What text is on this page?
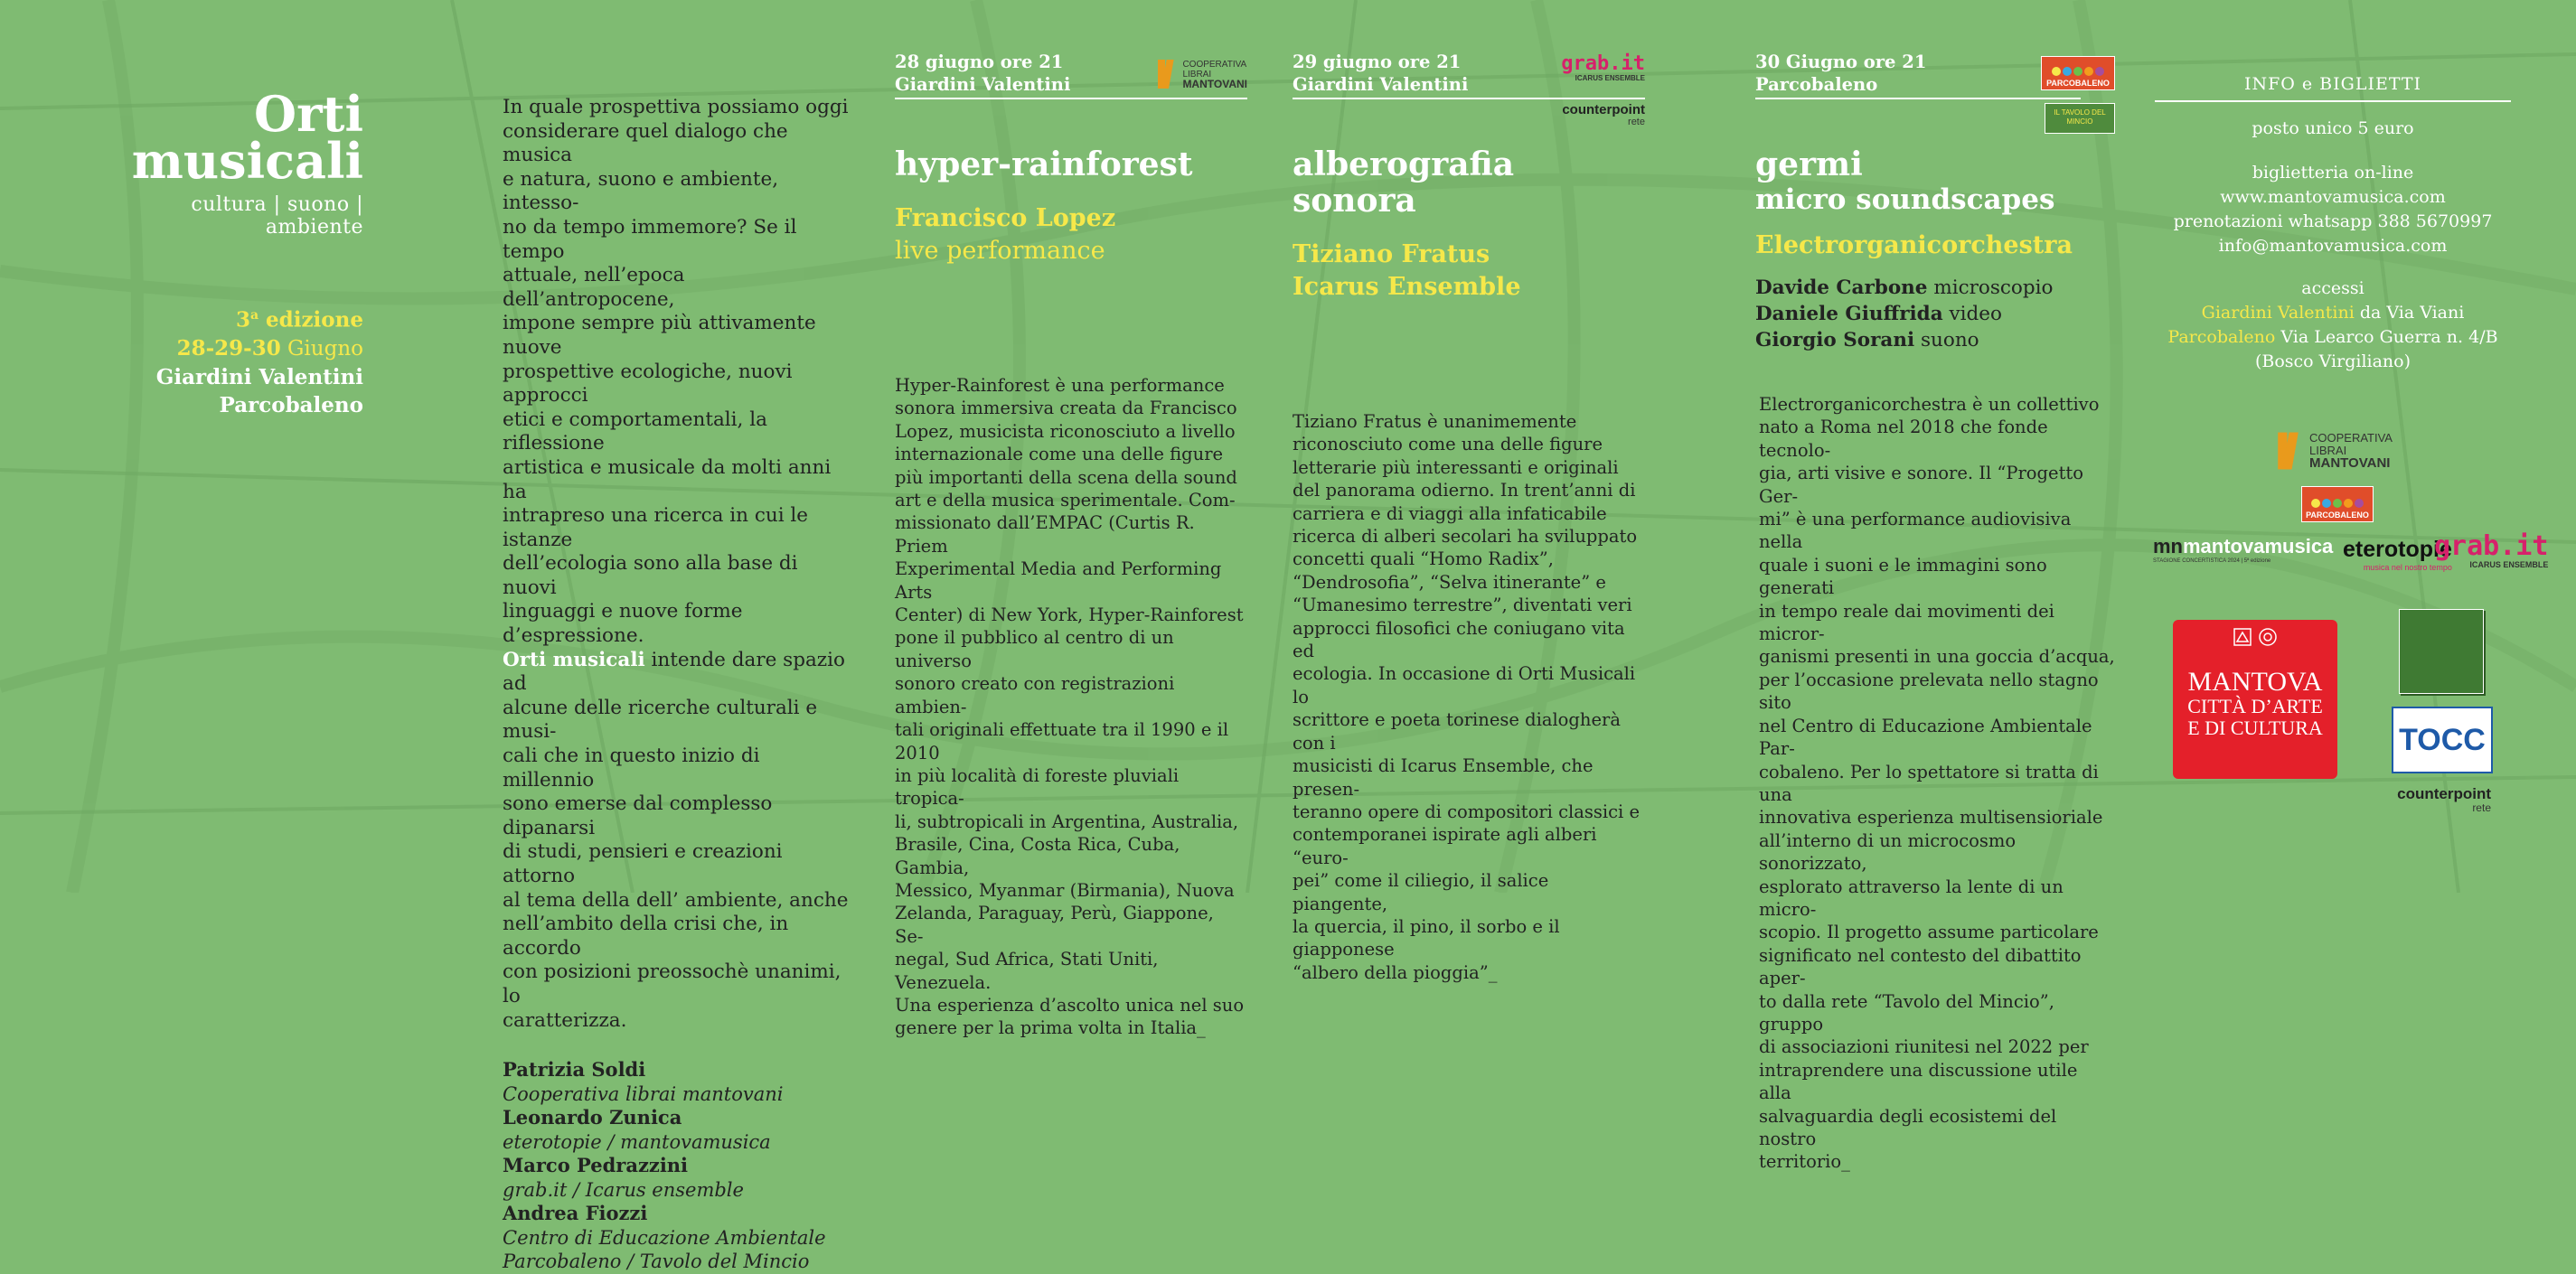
Orti
musicali
cultura | suono | ambiente
3$^a$ edizione
28-29-30 Giugno
Giardini Valentini
Parcobaleno
In quale prospettiva possiamo oggi
considerare quel dialogo che musica
e natura, suono e ambiente, intesso-
no da tempo immemore? Se il tempo
attuale, nell’epoca dell’antropocene,
impone sempre più attivamente nuove
prospettive ecologiche, nuovi approcci
etici e comportamentali, la riflessione
artistica e musicale da molti anni ha
intrapreso una ricerca in cui le istanze
dell’ecologia sono alla base di nuovi
linguaggi e nuove forme d’espressione.
Orti musicali intende dare spazio ad
alcune delle ricerche culturali e musi-
cali che in questo inizio di millennio
sono emerse dal complesso dipanarsi
di studi, pensieri e creazioni attorno
al tema della dell’ ambiente, anche
nell’ambito della crisi che, in accordo
con posizioni preossochè unanimi, lo
caratterizza.
Patrizia Soldi
Cooperativa librai mantovani
Leonardo Zunica
eterotopie / mantovamusica
Marco Pedrazzini
grab.it / Icarus ensemble
Andrea Fiozzi
Centro di Educazione Ambientale
Parcobaleno / Tavolo del Mincio
28 giugno ore 21
Giardini Valentini
COOPERATIVA
LIBRAI
MANTOVANI
hyper-rainforest
Francisco Lopez
live performance
Hyper-Rainforest è una performance
sonora immersiva creata da Francisco
Lopez, musicista riconosciuto a livello
internazionale come una delle figure
più importanti della scena della sound
art e della musica sperimentale. Com-
missionato dall’EMPAC (Curtis R. Priem
Experimental Media and Performing Arts
Center) di New York, Hyper-Rainforest
pone il pubblico al centro di un universo
sonoro creato con registrazioni ambien-
tali originali effettuate tra il 1990 e il 2010
in più località di foreste pluviali tropica-
li, subtropicali in Argentina, Australia,
Brasile, Cina, Costa Rica, Cuba, Gambia,
Messico, Myanmar (Birmania), Nuova
Zelanda, Paraguay, Perù, Giappone, Se-
negal, Sud Africa, Stati Uniti, Venezuela.
Una esperienza d’ascolto unica nel suo
genere per la prima volta in Italia_
29 giugno ore 21
Giardini Valentini
grab.it
ICARUS ENSEMBLE
counterpoint
rete
alberografia sonora
Tiziano Fratus
Icarus Ensemble
Tiziano Fratus è unanimemente
riconosciuto come una delle figure
letterarie più interessanti e originali
del panorama odierno. In trent’anni di
carriera e di viaggi alla infaticabile
ricerca di alberi secolari ha sviluppato
concetti quali “Homo Radix”,
“Dendrosofia”, “Selva itinerante” e
“Umanesimo terrestre”, diventati veri
approcci filosofici che coniugano vita ed
ecologia. In occasione di Orti Musicali lo
scrittore e poeta torinese dialogherà con i
musicisti di Icarus Ensemble, che presen-
teranno opere di compositori classici e
contemporanei ispirate agli alberi “euro-
pei” come il ciliegio, il salice piangente,
la quercia, il pino, il sorbo e il giapponese
“albero della pioggia”_
30 Giugno ore 21
Parcobaleno	PARCOBALENO
IL TAVOLO DEL MINCIO
germi
micro soundscapes
Electrorganicorchestra
Davide Carbone microscopio
Daniele Giuffrida video
Giorgio Sorani suono
Electrorganicorchestra è un collettivo
nato a Roma nel 2018 che fonde tecnolo-
gia, arti visive e sonore. Il “Progetto Ger-
mi” è una performance audiovisiva nella
quale i suoni e le immagini sono generati
in tempo reale dai movimenti dei micror-
ganismi presenti in una goccia d’acqua,
per l’occasione prelevata nello stagno sito
nel Centro di Educazione Ambientale Par-
cobaleno. Per lo spettatore si tratta di una
innovativa esperienza multisensioriale
all’interno di un microcosmo sonorizzato,
esplorato attraverso la lente di un micro-
scopio. Il progetto assume particolare
significato nel contesto del dibattito aper-
to dalla rete “Tavolo del Mincio”, gruppo
di associazioni riunitesi nel 2022 per
intraprendere una discussione utile alla
salvaguardia degli ecosistemi del nostro
territorio_
INFO e BIGLIETTI
posto unico 5 euro
biglietteria on-line
www.mantovamusica.com
prenotazioni whatsapp 388 5670997
info@mantovamusica.com
accessi
Giardini Valentini da Via Viani
Parcobaleno Via Learco Guerra n. 4/B
(Bosco Virgiliano)
COOPERATIVA
LIBRAI
MANTOVANI
PARCOBALENO
mn mantovamusica
STAGIONE CONCERTISTICA 2024 | 5ª edizione	eterotopie
musica nel nostro tempo
grab.it
ICARUS ENSEMBLE
MANTOVA
CITTÀ D’ARTE
E DI CULTURA	TOCC
counterpoint
rete
